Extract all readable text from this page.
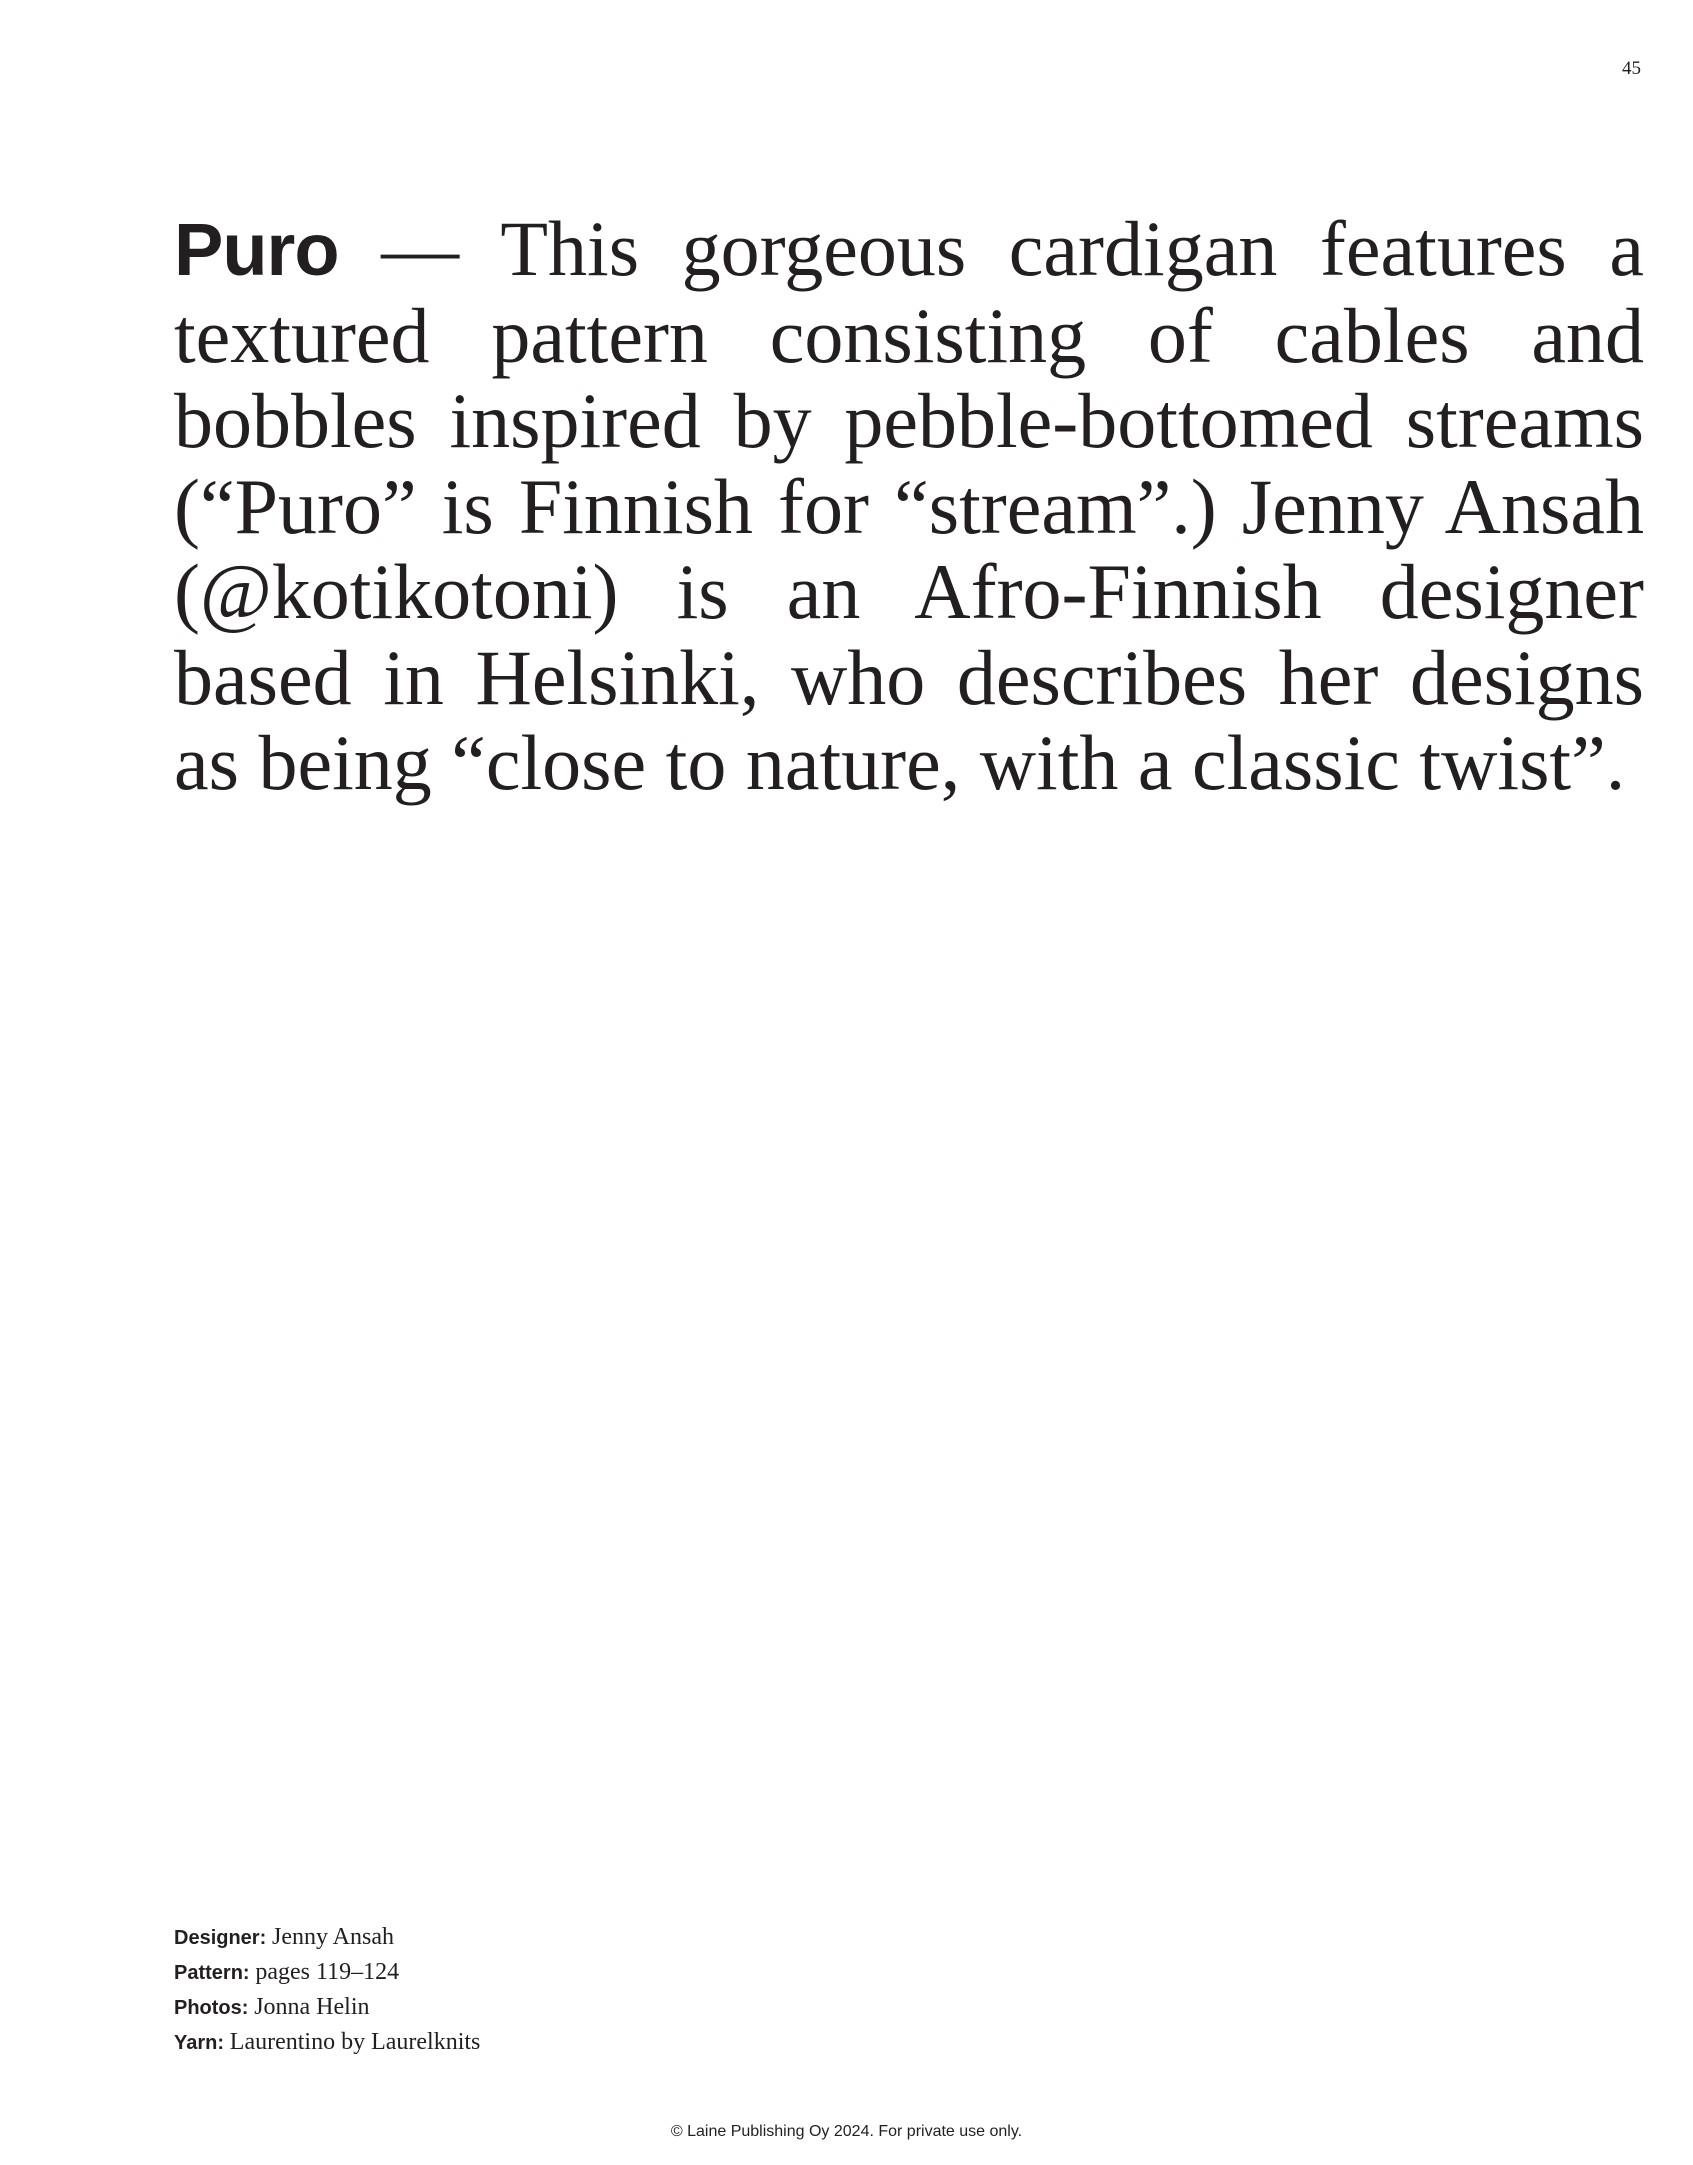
45

Puro — This gorgeous cardigan features a textured pattern consisting of cables and bobbles inspired by pebble-bottomed streams (“Puro” is Finnish for “stream”.) Jenny Ansah (@kotikotoni) is an Afro-Finnish designer based in Helsinki, who describes her designs as being “close to nature, with a classic twist”.

Designer: Jenny Ansah
Pattern: pages 119–124
Photos: Jonna Helin
Yarn: Laurentino by Laurelknits
© Laine Publishing Oy 2024. For private use only.
